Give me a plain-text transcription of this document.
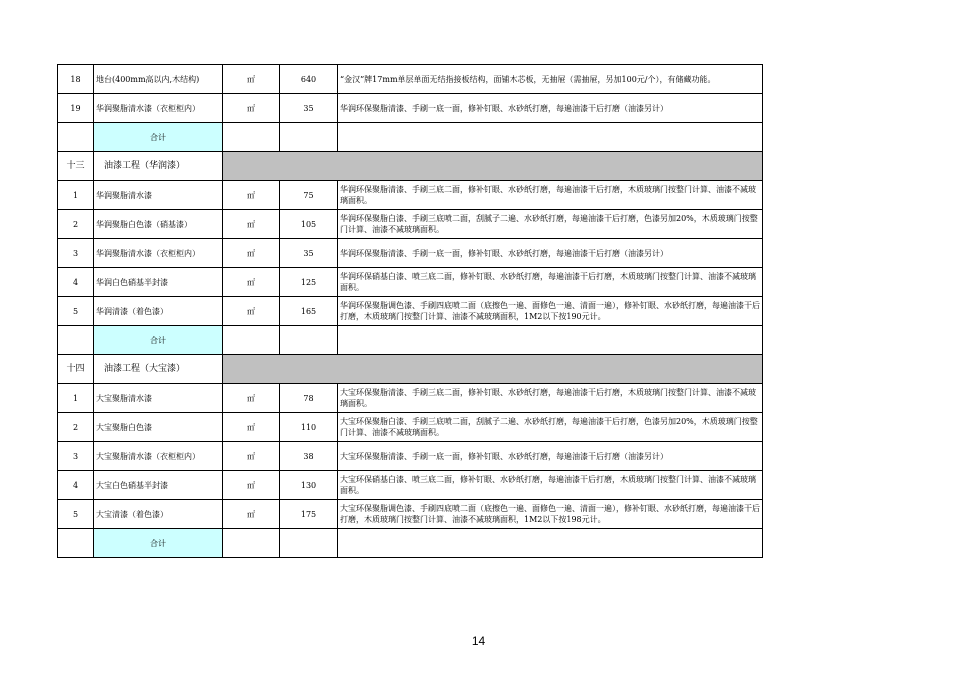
18	地台(400mm高以内,木结构)	㎡	640	“金汉”牌17mm单层单面无结指接板结构，面铺木芯板，无抽屉（需抽屉，另加100元/个），有储藏功能。
19	华润聚脂清水漆（衣柜柜内）	㎡	35	华润环保聚脂清漆、手刷一底一面，修补钉眼、水砂纸打磨，每遍油漆干后打磨（油漆另计）
	合计			
十三	油漆工程（华润漆）			
1	华润聚脂清水漆	㎡	75	华润环保聚脂清漆、手刷三底二面，修补钉眼、水砂纸打磨，每遍油漆干后打磨，木质玻璃门按整门计算、油漆不减玻璃面积。
2	华润聚脂白色漆（硝基漆）	㎡	105	华润环保聚脂白漆、手刷三底喷二面，刮腻子二遍、水砂纸打磨，每遍油漆干后打磨，色漆另加20%，木质玻璃门按整门计算、油漆不减玻璃面积。
3	华润聚脂清水漆（衣柜柜内）	㎡	35	华润环保聚脂清漆、手刷一底一面，修补钉眼、水砂纸打磨，每遍油漆干后打磨（油漆另计）
4	华润白色硝基半封漆	㎡	125	华润环保硝基白漆、喷三底二面，修补钉眼、水砂纸打磨，每遍油漆干后打磨，木质玻璃门按整门计算、油漆不减玻璃面积。
5	华润清漆（着色漆）	㎡	165	华润环保聚脂调色漆、手刷四底喷二面（底擦色一遍、面修色一遍、清面一遍），修补钉眼、水砂纸打磨，每遍油漆干后打磨，木质玻璃门按整门计算、油漆不减玻璃面积，1M2以下按190元计。
	合计			
十四	油漆工程（大宝漆）			
1	大宝聚脂清水漆	㎡	78	大宝环保聚脂清漆、手刷三底二面，修补钉眼、水砂纸打磨，每遍油漆干后打磨，木质玻璃门按整门计算、油漆不减玻璃面积。
2	大宝聚脂白色漆	㎡	110	大宝环保聚脂白漆、手刷三底喷二面，刮腻子二遍、水砂纸打磨，每遍油漆干后打磨，色漆另加20%，木质玻璃门按整门计算、油漆不减玻璃面积。
3	大宝聚脂清水漆（衣柜柜内）	㎡	38	大宝环保聚脂清漆、手刷一底一面，修补钉眼、水砂纸打磨，每遍油漆干后打磨（油漆另计）
4	大宝白色硝基半封漆	㎡	130	大宝环保硝基白漆、喷三底二面，修补钉眼、水砂纸打磨，每遍油漆干后打磨，木质玻璃门按整门计算、油漆不减玻璃面积。
5	大宝清漆（着色漆）	㎡	175	大宝环保聚脂调色漆、手刷四底喷二面（底擦色一遍、面修色一遍、清面一遍），修补钉眼、水砂纸打磨，每遍油漆干后打磨，木质玻璃门按整门计算、油漆不减玻璃面积，1M2以下按198元计。
	合计			
14
